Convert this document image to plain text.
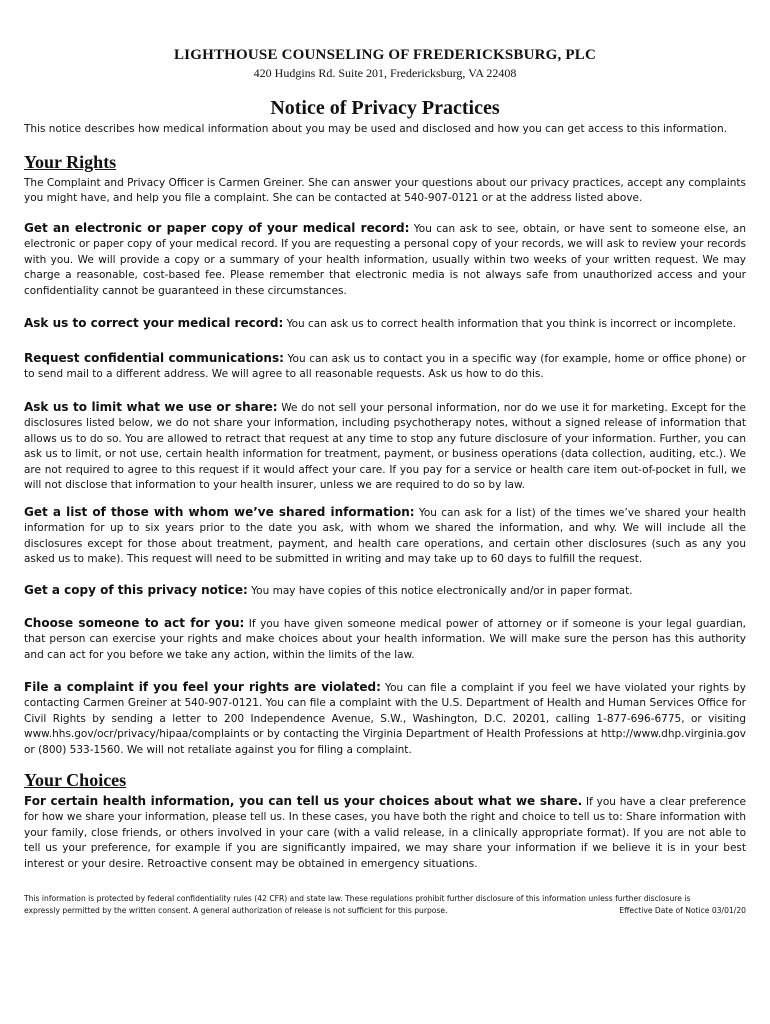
LIGHTHOUSE COUNSELING OF FREDERICKSBURG, PLC
420 Hudgins Rd. Suite 201, Fredericksburg, VA 22408
Notice of Privacy Practices
This notice describes how medical information about you may be used and disclosed and how you can get access to this information.
Your Rights
The Complaint and Privacy Officer is Carmen Greiner. She can answer your questions about our privacy practices, accept any complaints you might have, and help you file a complaint. She can be contacted at 540-907-0121 or at the address listed above.
Get an electronic or paper copy of your medical record: You can ask to see, obtain, or have sent to someone else, an electronic or paper copy of your medical record. If you are requesting a personal copy of your records, we will ask to review your records with you. We will provide a copy or a summary of your health information, usually within two weeks of your written request. We may charge a reasonable, cost-based fee. Please remember that electronic media is not always safe from unauthorized access and your confidentiality cannot be guaranteed in these circumstances.
Ask us to correct your medical record: You can ask us to correct health information that you think is incorrect or incomplete.
Request confidential communications: You can ask us to contact you in a specific way (for example, home or office phone) or to send mail to a different address. We will agree to all reasonable requests. Ask us how to do this.
Ask us to limit what we use or share: We do not sell your personal information, nor do we use it for marketing. Except for the disclosures listed below, we do not share your information, including psychotherapy notes, without a signed release of information that allows us to do so. You are allowed to retract that request at any time to stop any future disclosure of your information. Further, you can ask us to limit, or not use, certain health information for treatment, payment, or business operations (data collection, auditing, etc.). We are not required to agree to this request if it would affect your care. If you pay for a service or health care item out-of-pocket in full, we will not disclose that information to your health insurer, unless we are required to do so by law.
Get a list of those with whom we’ve shared information: You can ask for a list) of the times we’ve shared your health information for up to six years prior to the date you ask, with whom we shared the information, and why. We will include all the disclosures except for those about treatment, payment, and health care operations, and certain other disclosures (such as any you asked us to make). This request will need to be submitted in writing and may take up to 60 days to fulfill the request.
Get a copy of this privacy notice: You may have copies of this notice electronically and/or in paper format.
Choose someone to act for you: If you have given someone medical power of attorney or if someone is your legal guardian, that person can exercise your rights and make choices about your health information. We will make sure the person has this authority and can act for you before we take any action, within the limits of the law.
File a complaint if you feel your rights are violated: You can file a complaint if you feel we have violated your rights by contacting Carmen Greiner at 540-907-0121. You can file a complaint with the U.S. Department of Health and Human Services Office for Civil Rights by sending a letter to 200 Independence Avenue, S.W., Washington, D.C. 20201, calling 1-877-696-6775, or visiting www.hhs.gov/ocr/privacy/hipaa/complaints or by contacting the Virginia Department of Health Professions at http://www.dhp.virginia.gov or (800) 533-1560. We will not retaliate against you for filing a complaint.
Your Choices
For certain health information, you can tell us your choices about what we share. If you have a clear preference for how we share your information, please tell us. In these cases, you have both the right and choice to tell us to: Share information with your family, close friends, or others involved in your care (with a valid release, in a clinically appropriate format). If you are not able to tell us your preference, for example if you are significantly impaired, we may share your information if we believe it is in your best interest or your desire. Retroactive consent may be obtained in emergency situations.
This information is protected by federal confidentiality rules (42 CFR) and state law. These regulations prohibit further disclosure of this information unless further disclosure is
expressly permitted by the written consent. A general authorization of release is not sufficient for this purpose.	Effective Date of Notice 03/01/20
